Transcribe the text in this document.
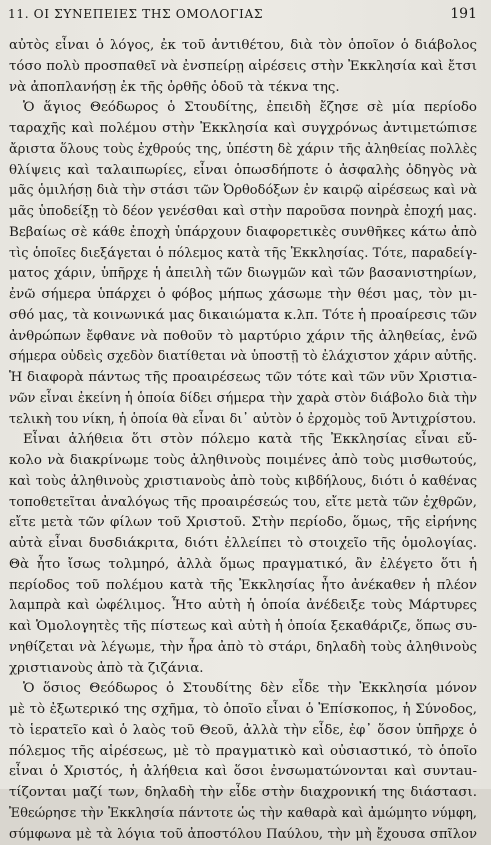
11. ΟΙ ΣΥΝΕΠΕΙΕΣ ΤΗΣ ΟΜΟΛΟΓΙΑΣ	191
αὐτὸς εἶναι ὁ λόγος, ἐκ τοῦ ἀντιθέτου, διὰ τὸν ὁποῖον ὁ διάβολος
τόσο πολὺ προσπαθεῖ νὰ ἐνσπείρῃ αἱρέσεις στὴν Ἐκκλησία καὶ ἔτσι
νὰ ἀποπλανήσῃ ἐκ τῆς ὀρθῆς ὁδοῦ τὰ τέκνα της.
Ὁ ἅγιος Θεόδωρος ὁ Στουδίτης, ἐπειδὴ ἔζησε σὲ μία περίοδο
ταραχῆς καὶ πολέμου στὴν Ἐκκλησία καὶ συγχρόνως ἀντιμετώπισε
ἄριστα ὅλους τοὺς ἐχθρούς της, ὑπέστη δὲ χάριν τῆς ἀληθείας πολλὲς
θλίψεις καὶ ταλαιπωρίες, εἶναι ὁπωσδήποτε ὁ ἀσφαλὴς ὁδηγὸς νὰ
μᾶς ὁμιλήσῃ διὰ τὴν στάσι τῶν Ὀρθοδόξων ἐν καιρῷ αἱρέσεως καὶ νὰ
μᾶς ὑποδείξῃ τὸ δέον γενέσθαι καὶ στὴν παροῦσα πονηρὰ ἐποχή μας.
Βεβαίως σὲ κάθε ἐποχὴ ὑπάρχουν διαφορετικὲς συνθῆκες κάτω ἀπὸ
τὶς ὁποῖες διεξάγεται ὁ πόλεμος κατὰ τῆς Ἐκκλησίας. Τότε, παραδείγ-
ματος χάριν, ὑπῆρχε ἡ ἀπειλὴ τῶν διωγμῶν καὶ τῶν βασανιστηρίων,
ἐνῶ σήμερα ὑπάρχει ὁ φόβος μήπως χάσωμε τὴν θέσι μας, τὸν μι-
σθό μας, τὰ κοινωνικά μας δικαιώματα κ.λπ. Τότε ἡ προαίρεσις τῶν
ἀνθρώπων ἔφθανε νὰ ποθοῦν τὸ μαρτύριο χάριν τῆς ἀληθείας, ἐνῶ
σήμερα οὐδεὶς σχεδὸν διατίθεται νὰ ὑποστῇ τὸ ἐλάχιστον χάριν αὐτῆς.
Ἡ διαφορὰ πάντως τῆς προαιρέσεως τῶν τότε καὶ τῶν νῦν Χριστια-
νῶν εἶναι ἐκείνη ἡ ὁποία δίδει σήμερα τὴν χαρὰ στὸν διάβολο διὰ τὴν
τελικὴ του νίκη, ἡ ὁποία θὰ εἶναι δι᾽ αὐτὸν ὁ ἐρχομὸς τοῦ Ἀντιχρίστου.
Εἶναι ἀλήθεια ὅτι στὸν πόλεμο κατὰ τῆς Ἐκκλησίας εἶναι εὔ-
κολο νὰ διακρίνωμε τοὺς ἀληθινοὺς ποιμένες ἀπὸ τοὺς μισθωτούς,
καὶ τοὺς ἀληθινοὺς χριστιανοὺς ἀπὸ τοὺς κιβδήλους, διότι ὁ καθένας
τοποθετεῖται ἀναλόγως τῆς προαιρέσεώς του, εἴτε μετὰ τῶν ἐχθρῶν,
εἴτε μετὰ τῶν φίλων τοῦ Χριστοῦ. Στὴν περίοδο, ὅμως, τῆς εἰρήνης
αὐτὰ εἶναι δυσδιάκριτα, διότι ἐλλείπει τὸ στοιχεῖο τῆς ὁμολογίας.
Θὰ ἦτο ἴσως τολμηρό, ἀλλὰ ὅμως πραγματικό, ἂν ἐλέγετο ὅτι ἡ
περίοδος τοῦ πολέμου κατὰ τῆς Ἐκκλησίας ἦτο ἀνέκαθεν ἡ πλέον
λαμπρὰ καὶ ὠφέλιμος. Ἦτο αὐτὴ ἡ ὁποία ἀνέδειξε τοὺς Μάρτυρες
καὶ Ὁμολογητὲς τῆς πίστεως καὶ αὐτὴ ἡ ὁποία ξεκαθάριζε, ὅπως συ-
νηθίζεται νὰ λέγωμε, τὴν ἦρα ἀπὸ τὸ στάρι, δηλαδὴ τοὺς ἀληθινοὺς
χριστιανοὺς ἀπὸ τὰ ζιζάνια.
Ὁ ὅσιος Θεόδωρος ὁ Στουδίτης δὲν εἶδε τὴν Ἐκκλησία μόνον
μὲ τὸ ἐξωτερικό της σχῆμα, τὸ ὁποῖο εἶναι ὁ Ἐπίσκοπος, ἡ Σύνοδος,
τὸ ἱερατεῖο καὶ ὁ λαὸς τοῦ Θεοῦ, ἀλλὰ τὴν εἶδε, ἐφ᾽ ὅσον ὑπῆρχε ὁ
πόλεμος τῆς αἱρέσεως, μὲ τὸ πραγματικὸ καὶ οὐσιαστικό, τὸ ὁποῖο
εἶναι ὁ Χριστός, ἡ ἀλήθεια καὶ ὅσοι ἐνσωματώνονται καὶ συντau-
τίζονται μαζί των, δηλαδὴ τὴν εἶδε στὴν διαχρονική της διάστασι.
Ἐθεώρησε τὴν Ἐκκλησία πάντοτε ὡς τὴν καθαρὰ καὶ ἀμώμητο νύμφη,
σύμφωνα μὲ τὰ λόγια τοῦ ἀποστόλου Παύλου, τὴν μὴ ἔχουσα σπῖλον
